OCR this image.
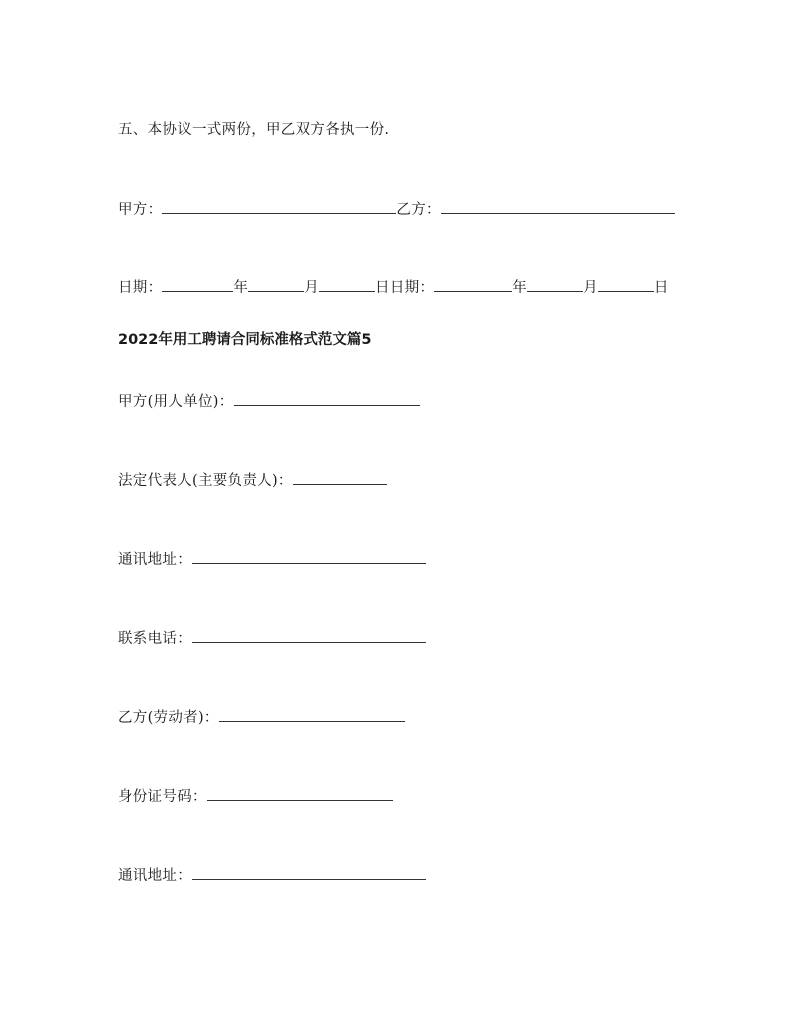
五、本协议一式两份，甲乙双方各执一份.
甲方：	乙方：
日期：	年	月	日日期：	年	月	日
2022年用工聘请合同标准格式范文篇5
甲方(用人单位)：
法定代表人(主要负责人)：
通讯地址：
联系电话：
乙方(劳动者)：
身份证号码：
通讯地址：
